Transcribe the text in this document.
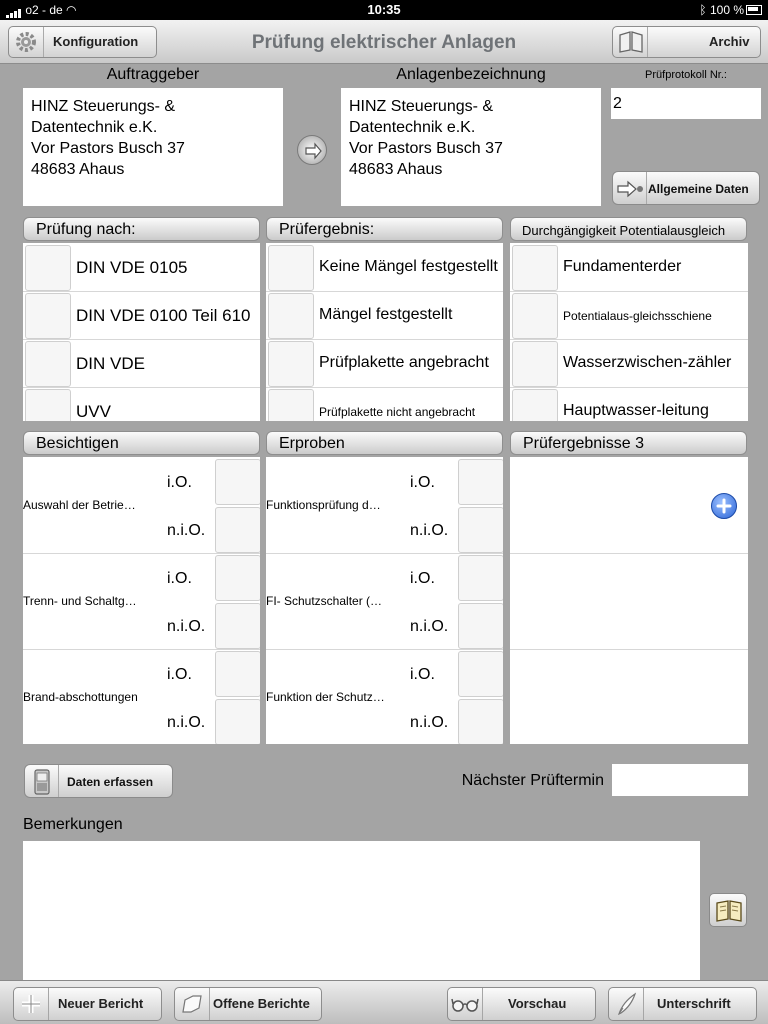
o2 - de ◠	10:35	ᛒ 100 %
Konfiguration	Prüfung elektrischer Anlagen	Archiv
Auftraggeber
HINZ Steuerungs- &
Datentechnik e.K.
Vor Pastors Busch 37
48683 Ahaus
Anlagenbezeichnung
HINZ Steuerungs- &
Datentechnik e.K.
Vor Pastors Busch 37
48683 Ahaus
Prüfprotokoll Nr.:
2
Allgemeine Daten
Prüfung nach:
DIN VDE 0105
DIN VDE 0100 Teil 610
DIN VDE
UVV
Prüfergebnis:
Keine Mängel festgestellt
Mängel festgestellt
Prüfplakette angebracht
Prüfplakette nicht angebracht
Durchgängigkeit Potentialausgleich
Fundamenterder
Potentialaus-gleichsschiene
Wasserzwischen-zähler
Hauptwasser-leitung
Besichtigen
Auswahl der Betrie…
i.O.
n.i.O.
Trenn- und Schaltg…
i.O.
n.i.O.
Brand-abschottungen
i.O.
n.i.O.
Erproben
Funktionsprüfung d…
i.O.
n.i.O.
FI- Schutzschalter (…
i.O.
n.i.O.
Funktion der Schutz…
i.O.
n.i.O.
Prüfergebnisse 3
Daten erfassen	Nächster Prüftermin
Bemerkungen
Neuer Bericht	Offene Berichte	Vorschau	Unterschrift
